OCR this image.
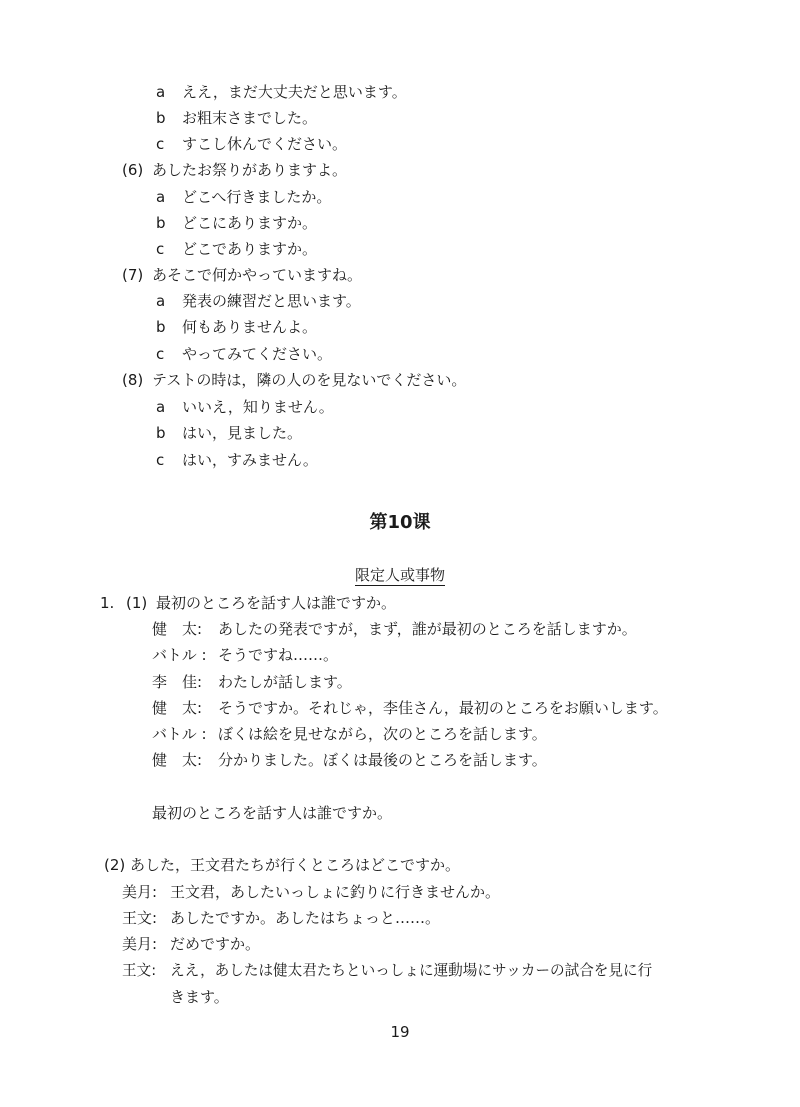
a ええ，まだ大丈夫だと思います。
b お粗末さまでした。
c すこし休んでください。
(6) あしたお祭りがありますよ。
a どこへ行きましたか。
b どこにありますか。
c どこでありますか。
(7) あそこで何かやっていますね。
a 発表の練習だと思います。
b 何もありませんよ。
c やってみてください。
(8) テストの時は，隣の人のを見ないでください。
a いいえ，知りません。
b はい，見ました。
c はい，すみません。
第10课
限定人或事物
1. (1) 最初のところを話す人は誰ですか。
健　太: あしたの発表ですが，まず，誰が最初のところを話しますか。
バトル : そうですね……。
李　佳: わたしが話します。
健　太: そうですか。それじゃ，李佳さん，最初のところをお願いします。
バトル : ぼくは絵を見せながら，次のところを話します。
健　太: 分かりました。ぼくは最後のところを話します。
最初のところを話す人は誰ですか。
(2) あした，王文君たちが行くところはどこですか。
美月: 王文君，あしたいっしょに釣りに行きませんか。
王文: あしたですか。あしたはちょっと……。
美月: だめですか。
王文: ええ，あしたは健太君たちといっしょに運動場にサッカーの試合を見に行
きます。
19
